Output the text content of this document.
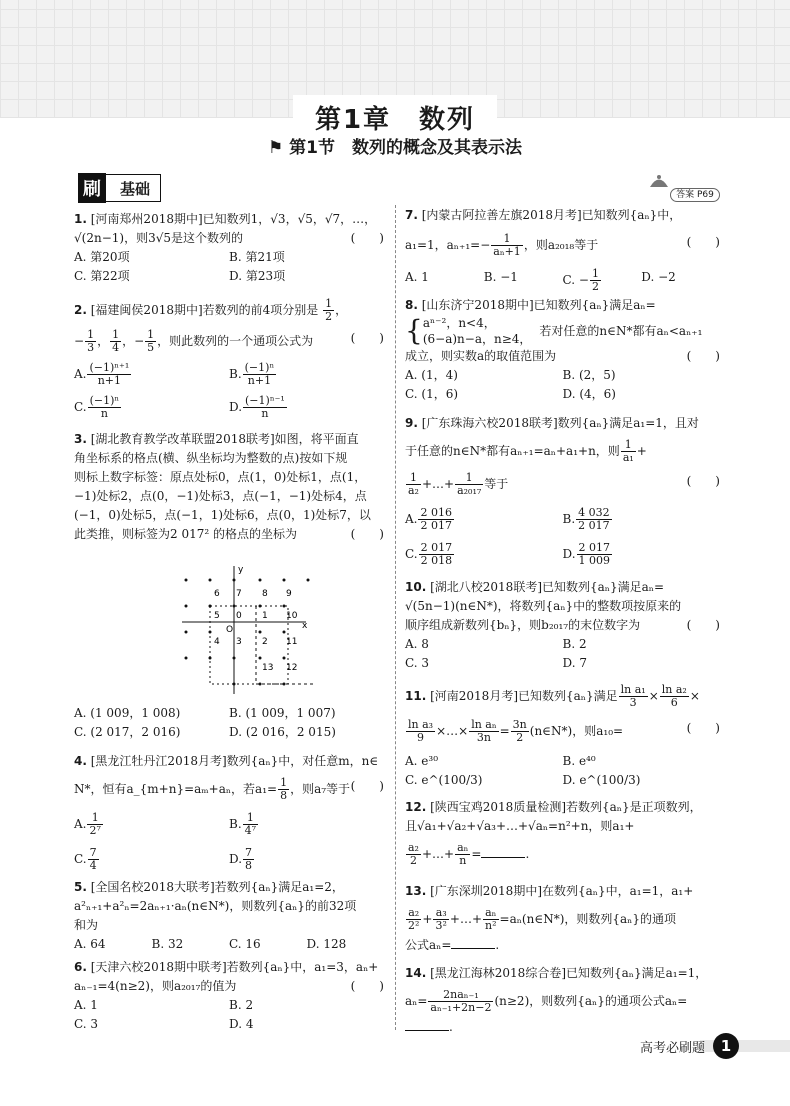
第1章　数列
⚑ 第1节　数列的概念及其表示法
刷	基础	答案 P69
1. [河南郑州2018期中]已知数列1，√3，√5，√7，…，
√(2n−1)，则3√5是这个数列的	(　　)
A. 第20项	B. 第21项
C. 第22项	D. 第23项
2. [福建闽侯2018期中]若数列的前4项分别是 $\frac{1}{2}$ ，
− $\frac{1}{3}$ ， $\frac{1}{4}$ ，− $\frac{1}{5}$ ，则此数列的一个通项公式为	(　　)
A. $\frac{\text{(−1)ⁿ⁺¹}}{n+1}$	B. $\frac{\text{(−1)ⁿ}}{n+1}$
C. $\frac{\text{(−1)ⁿ}}{n}$	D. $\frac{\text{(−1)ⁿ⁻¹}}{n}$
3. [湖北教育教学改革联盟2018联考]如图，将平面直
角坐标系的格点(横、纵坐标均为整数的点)按如下规
则标上数字标签：原点处标0，点(1，0)处标1，点(1，
−1)处标2，点(0，−1)处标3，点(−1，−1)处标4，点
(−1，0)处标5，点(−1，1)处标6，点(0，1)处标7，以
此类推，则标签为2 017² 的格点的坐标为	(　　)
x
y
O
0 1
2
3
4
5
6 7 8 9
10
11
12
13
A. (1 009，1 008)	B. (1 009，1 007)
C. (2 017，2 016)	D. (2 016，2 015)
4. [黑龙江牡丹江2018月考]数列{aₙ}中，对任意m，n∈
N*，恒有a_{m+n}=aₘ+aₙ，若$a_1= \frac{1}{8}$ ，则a₇等于 (　　)
A. $\frac{1}{\text{2⁷}}$	B. $\frac{1}{\text{4⁷}}$
C. $\frac{7}{4}$	D. $\frac{7}{8}$
5. [全国名校2018大联考]若数列{aₙ}满足a₁=2，
a²ₙ₊₁+a²ₙ=2aₙ₊₁·aₙ(n∈N*)，则数列{aₙ}的前32项
和为
A. 64	B. 32	C. 16	D. 128
6. [天津六校2018期中联考]若数列{aₙ}中，a₁=3，aₙ+
aₙ₋₁=4(n≥2)，则a₂₀₁₇的值为	(　　)
A. 1	B. 2
C. 3	D. 4
7. [内蒙古阿拉善左旗2018月考]已知数列{aₙ}中，
a₁=1，$a_{n+1}=- \frac{1}{\text{aₙ+1}}$ ，则a₂₀₁₈等于	(　　)
A. 1	B. −1	C. − $\frac{1}{2}$	D. −2
8. [山东济宁2018期中]已知数列{aₙ}满足aₙ=
{ aⁿ⁻²，n<4，
(6−a)n−a，n≥4，
若对任意的n∈N*都有aₙ<aₙ₊₁
成立，则实数a的取值范围为	(　　)
A. (1，4)	B. (2，5)
C. (1，6)	D. (4，6)
9. [广东珠海六校2018联考]数列{aₙ}满足a₁=1，且对
于任意的n∈N*都有aₙ₊₁=aₙ+a₁+n，则 $\frac{1}{\text{a₁}}$ +
$\frac{1}{\text{a₂}}$ +…+ $\frac{1}{\text{a₂₀₁₇}}$ 等于	(　　)
A. $\frac{2 016}{2 017}$	B. $\frac{4 032}{2 017}$
C. $\frac{2 017}{2 018}$	D. $\frac{2 017}{1 009}$
10. [湖北八校2018联考]已知数列{aₙ}满足aₙ=
√(5n−1)(n∈N*)，将数列{aₙ}中的整数项按原来的
顺序组成新数列{bₙ}，则b₂₀₁₇的末位数字为	(　　)
A. 8	B. 2
C. 3	D. 7
11. [河南2018月考]已知数列{aₙ}满足 $\frac{\text{ln a₁}}{3} \times \frac{\text{ln a₂}}{6}$ ×
$\frac{\text{ln a₃}}{9}$ ×…× $\frac{\text{ln aₙ}}{3n} = \frac{3n}{2}$ (n∈N*)，则a₁₀=	(　　)
A. e³⁰	B. e⁴⁰
C. e^(100/3)	D. e^(100/3)
12. [陕西宝鸡2018质量检测]若数列{aₙ}是正项数列，
且√a₁+√a₂+√a₃+…+√aₙ=n²+n，则a₁+
$\frac{\text{a₂}}{2}$ +…+ $\frac{\text{aₙ}}{n}$ =	.
13. [广东深圳2018期中]在数列{aₙ}中，a₁=1，a₁+
$\frac{\text{a₂}}{\text{2²}} + \frac{\text{a₃}}{\text{3²}}$ +…+ $\frac{\text{aₙ}}{\text{n²}}$ =aₙ(n∈N*)，则数列{aₙ}的通项
公式aₙ=	.
14. [黑龙江海林2018综合卷]已知数列{aₙ}满足a₁=1，
$a_n= \frac{\text{2naₙ₋₁}}{\text{aₙ₋₁+2n−2}} (n\ge 2)$，则数列{aₙ}的通项公式aₙ=
.
高考必刷题	1
